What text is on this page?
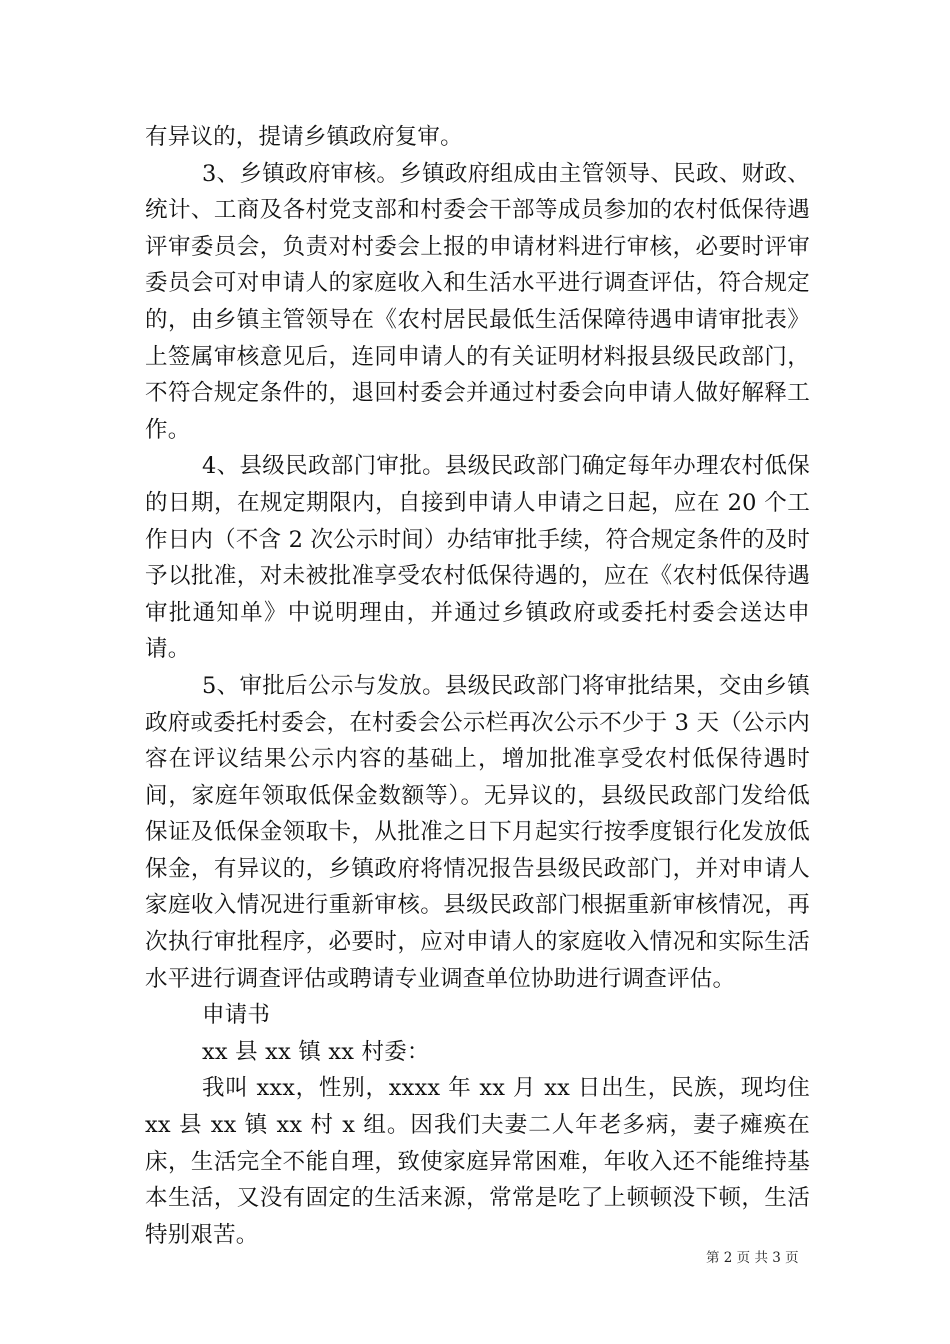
有异议的，提请乡镇政府复审。

3、乡镇政府审核。乡镇政府组成由主管领导、民政、财政、统计、工商及各村党支部和村委会干部等成员参加的农村低保待遇评审委员会，负责对村委会上报的申请材料进行审核，必要时评审委员会可对申请人的家庭收入和生活水平进行调查评估，符合规定的，由乡镇主管领导在《农村居民最低生活保障待遇申请审批表》上签属审核意见后，连同申请人的有关证明材料报县级民政部门，不符合规定条件的，退回村委会并通过村委会向申请人做好解释工作。

4、县级民政部门审批。县级民政部门确定每年办理农村低保的日期，在规定期限内，自接到申请人申请之日起，应在 20 个工作日内（不含 2 次公示时间）办结审批手续，符合规定条件的及时予以批准，对未被批准享受农村低保待遇的，应在《农村低保待遇审批通知单》中说明理由，并通过乡镇政府或委托村委会送达申请。

5、审批后公示与发放。县级民政部门将审批结果，交由乡镇政府或委托村委会，在村委会公示栏再次公示不少于 3 天（公示内容在评议结果公示内容的基础上，增加批准享受农村低保待遇时间，家庭年领取低保金数额等）。无异议的，县级民政部门发给低保证及低保金领取卡，从批准之日下月起实行按季度银行化发放低保金，有异议的，乡镇政府将情况报告县级民政部门，并对申请人家庭收入情况进行重新审核。县级民政部门根据重新审核情况，再次执行审批程序，必要时，应对申请人的家庭收入情况和实际生活水平进行调查评估或聘请专业调查单位协助进行调查评估。

申请书

xx 县 xx 镇 xx 村委：

我叫 xxx，性别，xxxx 年 xx 月 xx 日出生，民族，现均住 xx 县 xx 镇 xx 村 x 组。因我们夫妻二人年老多病，妻子瘫痪在床，生活完全不能自理，致使家庭异常困难，年收入还不能维持基本生活，又没有固定的生活来源，常常是吃了上顿顿没下顿，生活特别艰苦。

第 2 页 共 3 页
